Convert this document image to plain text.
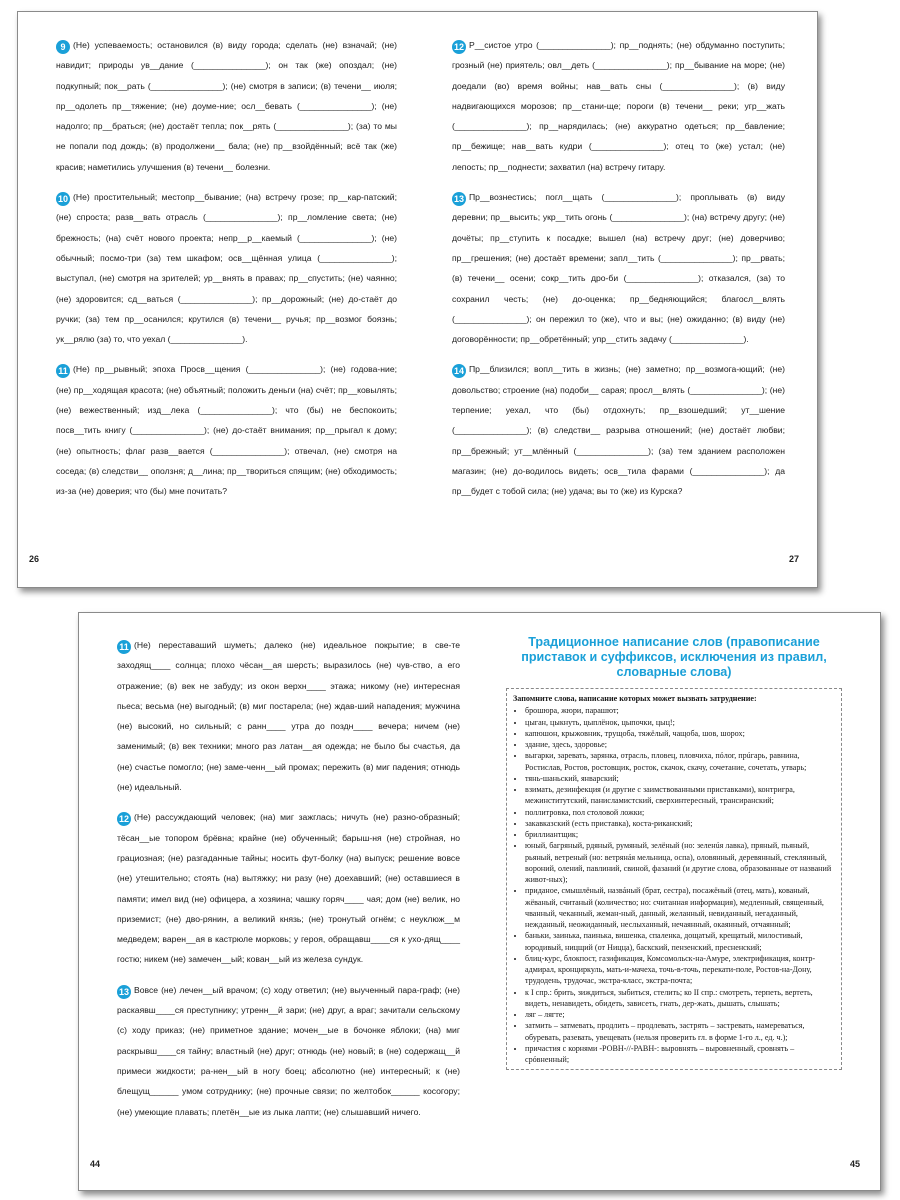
9 (Не) успеваемость; остановился (в) виду города; сделать (не) взначай; (не) навидит; природы ув__дание (_______________); он так (же) опоздал; (не) подкупный; пок__рать (_______________); (не) смотря в записи; (в) течени__ июля; пр__одолеть пр__тяжение; (не) доуме-ние; осл__бевать (_______________); (не) надолго; пр__браться; (не) достаёт тепла; пок__рять (_______________); (за) то мы не попали под дождь; (в) продолжени__ бала; (не) пр__взойдённый; всё так (же) красив; наметились улучшения (в) течени__ болезни.

10 (Не) простительный; местопр__бывание; (на) встречу грозе; пр__кар-патский; (не) спроста; разв__вать отрасль (_______________); пр__ломление света; (не) брежность; (на) счёт нового проекта; непр__р__каемый (_______________); (не) обычный; посмо-три (за) тем шкафом; осв__щённая улица (_______________); выступал, (не) смотря на зрителей; ур__внять в правах; пр__спустить; (не) чаянно; (не) здоровится; сд__ваться (_______________); пр__дорожный; (не) до-стаёт до ручки; (за) тем пр__осанился; крутился (в) течени__ ручья; пр__возмог боязнь; ук__рялю (за) то, что уехал (_______________).

11 (Не) пр__рывный; эпоха Просв__щения (_______________); (не) годова-ние; (не) пр__ходящая красота; (не) объятный; положить деньги (на) счёт; пр__ковылять; (не) вежественный; изд__лека (_______________); что (бы) не беспокоить; посв__тить книгу (_______________); (не) до-стаёт внимания; пр__прыгал к дому; (не) опытность; флаг разв__вается (_______________); отвечал, (не) смотря на соседа; (в) следстви__ оползня; д__лина; пр__твориться спящим; (не) обходимость; из-за (не) доверия; что (бы) мне почитать?

26

12 Р__систое утро (_______________); пр__поднять; (не) обдуманно поступить; грозный (не) приятель; овл__деть (_______________); пр__бывание на море; (не) доедали (во) время войны; нав__вать сны (_______________); (в) виду надвигающихся морозов; пр__стани-ще; пороги (в) течени__ реки; угр__жать (_______________); пр__нарядилась; (не) аккуратно одеться; пр__бавление; пр__бежище; нав__вать кудри (_______________); отец то (же) устал; (не) лепость; пр__поднести; захватил (на) встречу гитару.

13 Пр__вознестись; погл__щать (_______________); проплывать (в) виду деревни; пр__высить; укр__тить огонь (_______________); (на) встречу другу; (не) дочёты; пр__ступить к посадке; вышел (на) встречу друг; (не) доверчиво; пр__грешения; (не) достаёт времени; запл__тить (_______________); пр__рвать; (в) течени__ осени; сокр__тить дро-би (_______________); отказался, (за) то сохранил честь; (не) до-оценка; пр__бедняющийся; благосл__влять (_______________); он пережил то (же), что и вы; (не) ожиданно; (в) виду (не) договорённости; пр__обретённый; упр__стить задачу (_______________).

14 Пр__близился; вопл__тить в жизнь; (не) заметно; пр__возмога-ющий; (не) довольство; строение (на) подоби__ сарая; просл__влять (_______________); (не) терпение; уехал, что (бы) отдохнуть; пр__взошедший; ут__шение (_______________); (в) следстви__ разрыва отношений; (не) достаёт любви; пр__брежный; ут__млённый (_______________); (за) тем зданием расположен магазин; (не) до-водилось видеть; осв__тила фарами (_______________); да пр__будет с тобой сила; (не) удача; вы то (же) из Курска?

27

11 (Не) переставаший шуметь; далеко (не) идеальное покрытие; в све-те заходящ____ солнца; плохо чёсан__ая шерсть; выразилось (не) чув-ство, а его отражение; (в) век не забуду; из окон верхн____ этажа; никому (не) интересная пьеса; весьма (не) выгодный; (в) миг постарела; (не) ждав-ший нападения; мужчина (не) высокий, но сильный; с ранн____ утра до поздн____ вечера; ничем (не) заменимый; (в) век техники; много раз латан__ая одежда; не было бы счастья, да (не) счастье помогло; (не) заме-ченн__ый промах; пережить (в) миг падения; отнюдь (не) идеальный.

12 (Не) рассуждающий человек; (на) миг зажглась; ничуть (не) разно-образный; тёсан__ые топором брёвна; крайне (не) обученный; барыш-ня (не) стройная, но грациозная; (не) разгаданные тайны; носить фут-болку (на) выпуск; решение вовсе (не) утешительно; стоять (на) вытяжку; ни разу (не) доехавший; (не) оставшиеся в памяти; имел вид (не) офицера, а хозяина; чашку горяч____ чая; дом (не) велик, но приземист; (не) дво-рянин, а великий князь; (не) тронутый огнём; с неуклюж__м медведем; варен__ая в кастрюле морковь; у героя, обращавш____ся к ухо-дящ____ гостю; никем (не) замечен__ый; кован__ый из железа сундук.

13 Вовсе (не) лечен__ый врачом; (с) ходу ответил; (не) выученный пара-граф; (не) раскаявш____ся преступнику; утренн__й зари; (не) друг, а враг; зачитали сельскому (с) ходу приказ; (не) приметное здание; мочен__ые в бочонке яблоки; (на) миг раскрывш____ся тайну; властный (не) друг; отнюдь (не) новый; в (не) содержащ__й примеси жидкости; ра-нен__ый в ногу боец; абсолютно (не) интересный; к (не) блещущ______ умом сотруднику; (не) прочные связи; по желтобок______ косогору; (не) умеющие плавать; плетён__ые из лыка лапти; (не) слышавший ничего.

44
Традиционное написание слов (правописание приставок и суффиксов, исключения из правил, словарные слова)
Запомните слова, написание которых может вызвать затруднение:
• брошюра, жюри, парашют;
• цыган, цыкнуть, цыплёнок, цыпочки, цыц!;
• капюшон, крыжовник, трущоба, тяжёлый, чащоба, шов, шорох;
• здание, здесь, здоровье;
• выгарки, заревать, зарянка, отрасль, пловец, пловчиха, пóлог, прúгарь, равнина, Ростислав, Ростов, ростовщик, росток, скачок, скачу, сочетание, сочетать, утварь;
• тянь-шаньский, январский;
• взимать, дезинфекция (и другие с заимствованными приставками), контригра, межинститутский, панисламистский, сверхинтересный, трансиранский;
• поллитровка, пол столовой ложки;
• закавказский (есть приставка), коста-риканский;
• бриллиантщик;
• юный, багряный, рдяный, румяный, зелёный (но: зеленúя лавка), пряный, пьяный, рьяный, ветреный (но: ветрянáя мельница, оспа), оловянный, деревянный, стеклянный, вороний, олений, павлиний, свиной, фазаний (и другие слова, образованные от названий живот-ных);
• приданое, смышлёный, назвáный (брат, сестра), посажёный (отец, мать), кованый, жёваный, считаный (количество; но: считанная информация), медленный, священный, чванный, чеканный, жеман-ный, данный, желанный, невиданный, негаданный, нежданный, неожиданный, неслыханный, нечаянный, окаянный, отчаянный;
• баньки, заинька, паинька, вишенка, спаленка, дощатый, крещатый, милостивый, юродивый, ницщий (от Ницца), баскский, пензенский, пресненский;
• блиц-курс, блокпост, газификация, Комсомольск-на-Амуре, электрификация, контр-адмирал, кронциркуль, мать-и-мачеха, точь-в-точь, перекати-поле, Ростов-на-Дону, трудодень, трудочас, экстра-класс, экстра-почта;
• к I спр.: брить, зиждиться, зыбиться, стелить; ко II спр.: смотреть, терпеть, вертеть, видеть, ненавидеть, обидеть, зависеть, гнать, дер-жать, дышать, слышать;
• ляг – лягте;
• затмить – затмевать, продлить – продлевать, застрять – застревать, намереваться, обуревать, разевать, увещевать (нельзя проверить гл. в форме 1-го л., ед. ч.);
• причастия с корнями -РОВН-//-РАВН-: выровнять – выровненный, сровнять – срóвненный;
45
